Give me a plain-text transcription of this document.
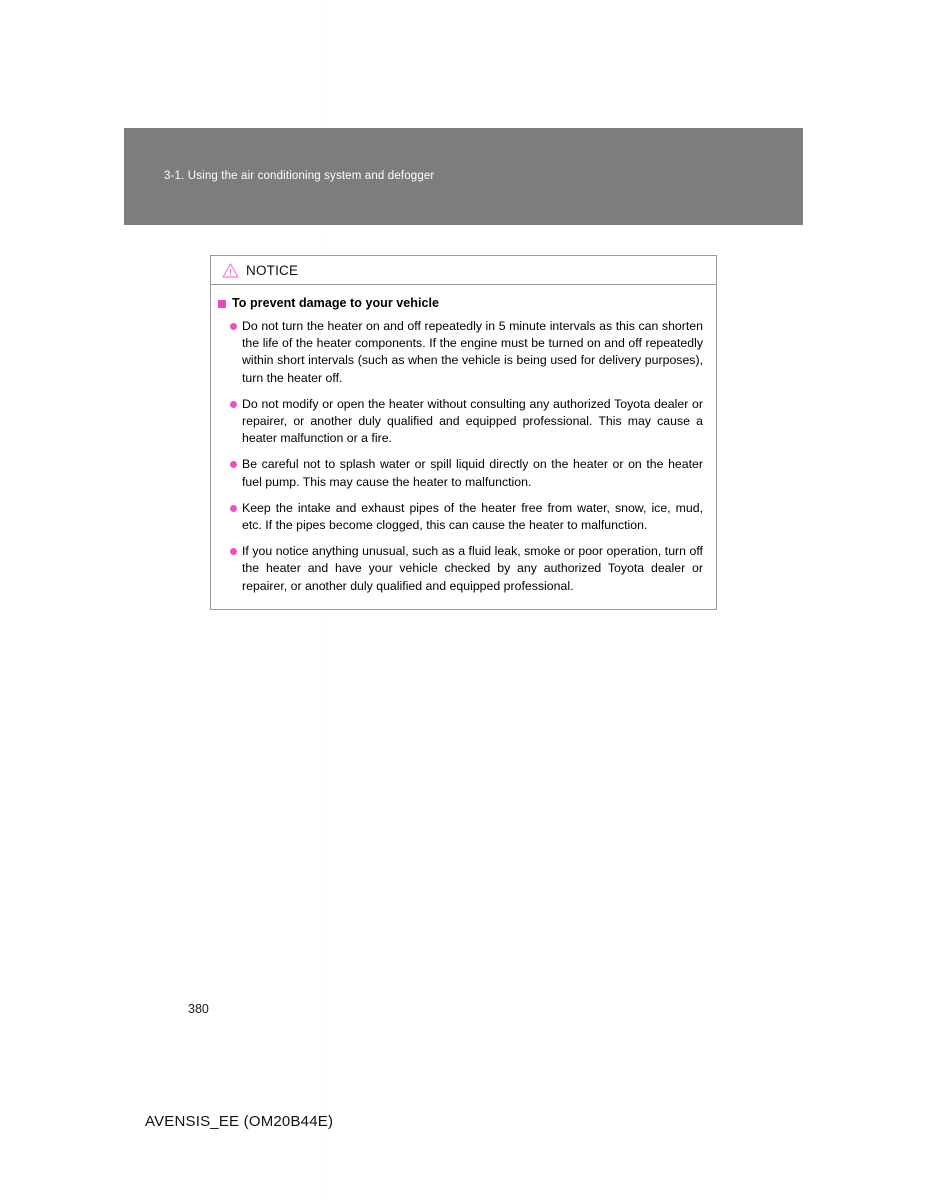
3-1. Using the air conditioning system and defogger
NOTICE
To prevent damage to your vehicle
Do not turn the heater on and off repeatedly in 5 minute intervals as this can shorten the life of the heater components. If the engine must be turned on and off repeatedly within short intervals (such as when the vehicle is being used for delivery purposes), turn the heater off.
Do not modify or open the heater without consulting any authorized Toyota dealer or repairer, or another duly qualified and equipped professional. This may cause a heater malfunction or a fire.
Be careful not to splash water or spill liquid directly on the heater or on the heater fuel pump. This may cause the heater to malfunction.
Keep the intake and exhaust pipes of the heater free from water, snow, ice, mud, etc. If the pipes become clogged, this can cause the heater to malfunction.
If you notice anything unusual, such as a fluid leak, smoke or poor operation, turn off the heater and have your vehicle checked by any authorized Toyota dealer or repairer, or another duly qualified and equipped professional.
380
AVENSIS_EE (OM20B44E)
